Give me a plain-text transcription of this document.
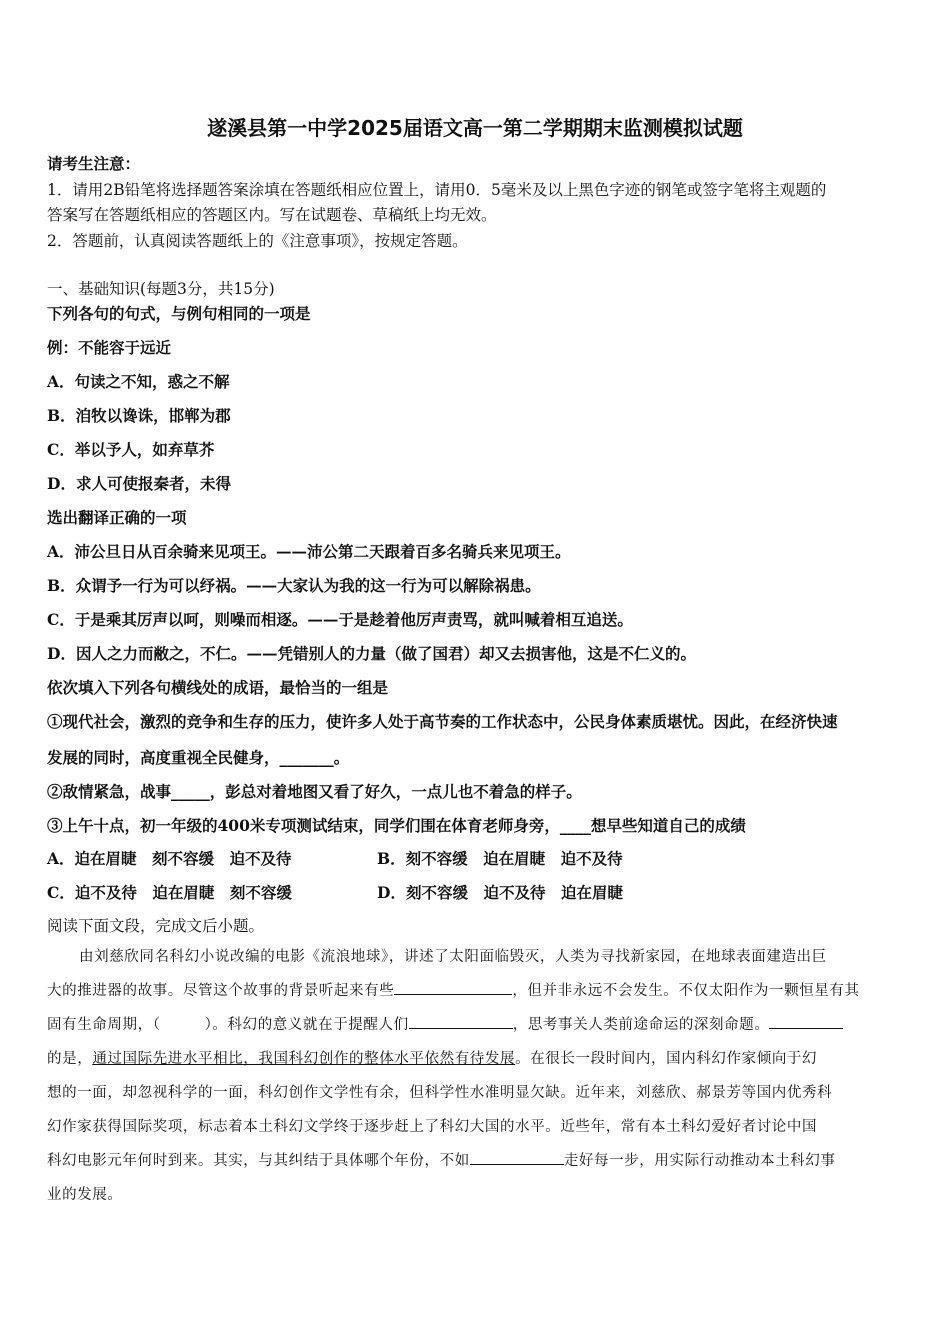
遂溪县第一中学2025届语文高一第二学期期末监测模拟试题
请考生注意：
1．请用2B铅笔将选择题答案涂填在答题纸相应位置上，请用0．5毫米及以上黑色字迹的钢笔或签字笔将主观题的
答案写在答题纸相应的答题区内。写在试题卷、草稿纸上均无效。
2．答题前，认真阅读答题纸上的《注意事项》，按规定答题。
一、基础知识(每题3分，共15分)
下列各句的句式，与例句相同的一项是
例：不能容于远近
A．句读之不知，惑之不解
B．洎牧以谗诛，邯郸为郡
C．举以予人，如弃草芥
D．求人可使报秦者，未得
选出翻译正确的一项
A．沛公旦日从百余骑来见项王。——沛公第二天跟着百多名骑兵来见项王。
B．众谓予一行为可以纾祸。——大家认为我的这一行为可以解除祸患。
C．于是乘其厉声以呵，则噪而相逐。——于是趁着他厉声责骂，就叫喊着相互追送。
D．因人之力而敝之，不仁。——凭错别人的力量（做了国君）却又去损害他，这是不仁义的。
依次填入下列各句横线处的成语，最恰当的一组是
①现代社会，激烈的竞争和生存的压力，使许多人处于高节奏的工作状态中，公民身体素质堪忧。因此，在经济快速
发展的同时，高度重视全民健身，_______。
②敌情紧急，战事_____，彭总对着地图又看了好久，一点儿也不着急的样子。
③上午十点，初一年级的400米专项测试结束，同学们围在体育老师身旁，____想早些知道自己的成绩
A．迫在眉睫　刻不容缓　迫不及待	B．刻不容缓　迫在眉睫　迫不及待
C．迫不及待　迫在眉睫　刻不容缓	D．刻不容缓　迫不及待　迫在眉睫
阅读下面文段，完成文后小题。
由刘慈欣同名科幻小说改编的电影《流浪地球》，讲述了太阳面临毁灭，人类为寻找新家园，在地球表面建造出巨
大的推进器的故事。尽管这个故事的背景听起来有些	，但并非永远不会发生。不仅太阳作为一颗恒星有其
固有生命周期，（	）。科幻的意义就在于提醒人们	，思考事关人类前途命运的深刻命题。
的是，通过国际先进水平相比，我国科幻创作的整体水平依然有待发展。在很长一段时间内，国内科幻作家倾向于幻
想的一面，却忽视科学的一面，科幻创作文学性有余，但科学性水准明显欠缺。近年来，刘慈欣、郝景芳等国内优秀科
幻作家获得国际奖项，标志着本土科幻文学终于逐步赶上了科幻大国的水平。近些年，常有本土科幻爱好者讨论中国
科幻电影元年何时到来。其实，与其纠结于具体哪个年份，不如	走好每一步，用实际行动推动本土科幻事
业的发展。
